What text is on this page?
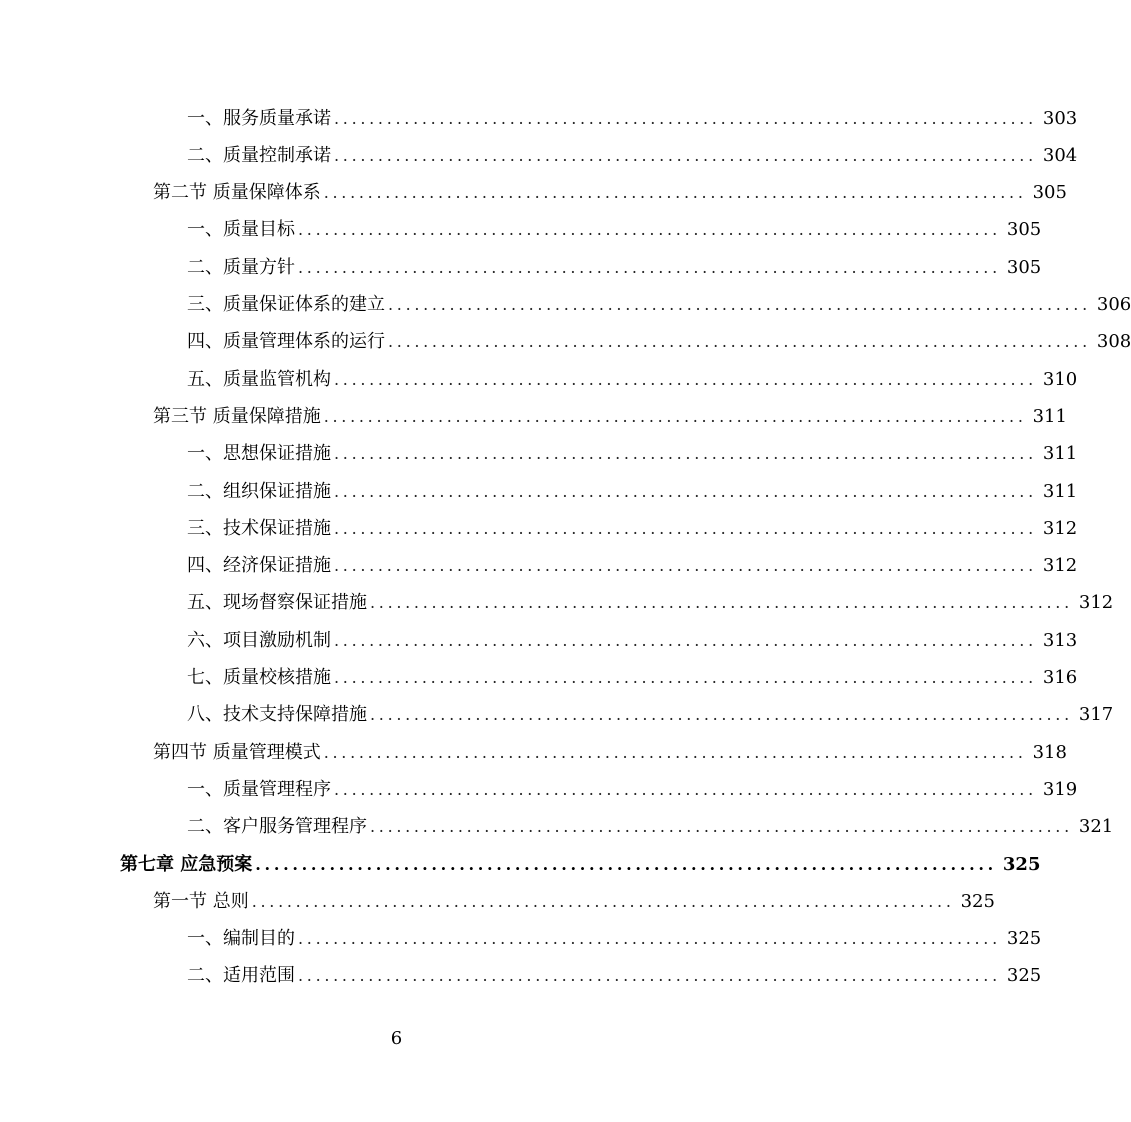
一、服务质量承诺 ................................................................................ 303
二、质量控制承诺 ................................................................................ 304
第二节 质量保障体系 ................................................................................ 305
一、质量目标 ................................................................................ 305
二、质量方针 ................................................................................ 305
三、质量保证体系的建立 ................................................................................ 306
四、质量管理体系的运行 ................................................................................ 308
五、质量监管机构 ................................................................................ 310
第三节 质量保障措施 ................................................................................ 311
一、思想保证措施 ................................................................................ 311
二、组织保证措施 ................................................................................ 311
三、技术保证措施 ................................................................................ 312
四、经济保证措施 ................................................................................ 312
五、现场督察保证措施 ................................................................................ 312
六、项目激励机制 ................................................................................ 313
七、质量校核措施 ................................................................................ 316
八、技术支持保障措施 ................................................................................ 317
第四节 质量管理模式 ................................................................................ 318
一、质量管理程序 ................................................................................ 319
二、客户服务管理程序 ................................................................................ 321
第七章 应急预案 ................................................................................ 325
第一节 总则 ................................................................................ 325
一、编制目的 ................................................................................ 325
二、适用范围 ................................................................................ 325
6
